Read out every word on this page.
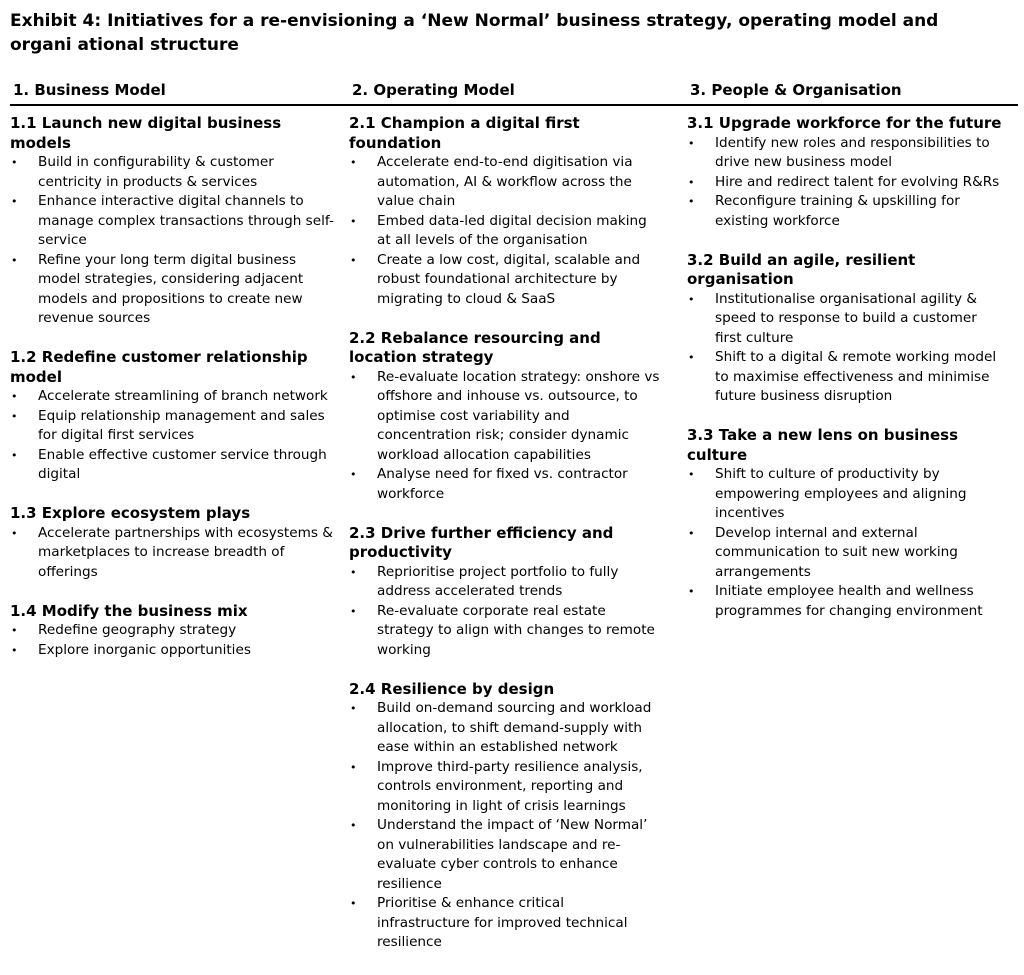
Exhibit 4: Initiatives for a re-envisioning a ‘New Normal’ business strategy, operating model and
organi ational structure
1. Business Model

1.1 Launch new digital business models

• Build in configurability & customer centricity in products & services
• Enhance interactive digital channels to manage complex transactions through self-service
• Refine your long term digital business model strategies, considering adjacent models and propositions to create new revenue sources

1.2 Redefine customer relationship model

• Accelerate streamlining of branch network
• Equip relationship management and sales for digital first services
• Enable effective customer service through digital

1.3 Explore ecosystem plays

• Accelerate partnerships with ecosystems & marketplaces to increase breadth of offerings

1.4 Modify the business mix

• Redefine geography strategy
• Explore inorganic opportunities
2. Operating Model

2.1 Champion a digital first foundation

• Accelerate end-to-end digitisation via automation, AI & workflow across the value chain
• Embed data-led digital decision making at all levels of the organisation
• Create a low cost, digital, scalable and robust foundational architecture by migrating to cloud & SaaS

2.2 Rebalance resourcing and location strategy

• Re-evaluate location strategy: onshore vs offshore and inhouse vs. outsource, to optimise cost variability and concentration risk; consider dynamic workload allocation capabilities
• Analyse need for fixed vs. contractor workforce

2.3 Drive further efficiency and productivity

• Reprioritise project portfolio to fully address accelerated trends
• Re-evaluate corporate real estate strategy to align with changes to remote working

2.4 Resilience by design

• Build on-demand sourcing and workload allocation, to shift demand-supply with ease within an established network
• Improve third-party resilience analysis, controls environment, reporting and monitoring in light of crisis learnings
• Understand the impact of ‘New Normal’ on vulnerabilities landscape and re-evaluate cyber controls to enhance resilience
• Prioritise & enhance critical infrastructure for improved technical resilience
3. People & Organisation

3.1 Upgrade workforce for the future

• Identify new roles and responsibilities to drive new business model
• Hire and redirect talent for evolving R&Rs
• Reconfigure training & upskilling for existing workforce

3.2 Build an agile, resilient organisation

• Institutionalise organisational agility & speed to response to build a customer first culture
• Shift to a digital & remote working model to maximise effectiveness and minimise future business disruption

3.3 Take a new lens on business culture

• Shift to culture of productivity by empowering employees and aligning incentives
• Develop internal and external communication to suit new working arrangements
• Initiate employee health and wellness programmes for changing environment
